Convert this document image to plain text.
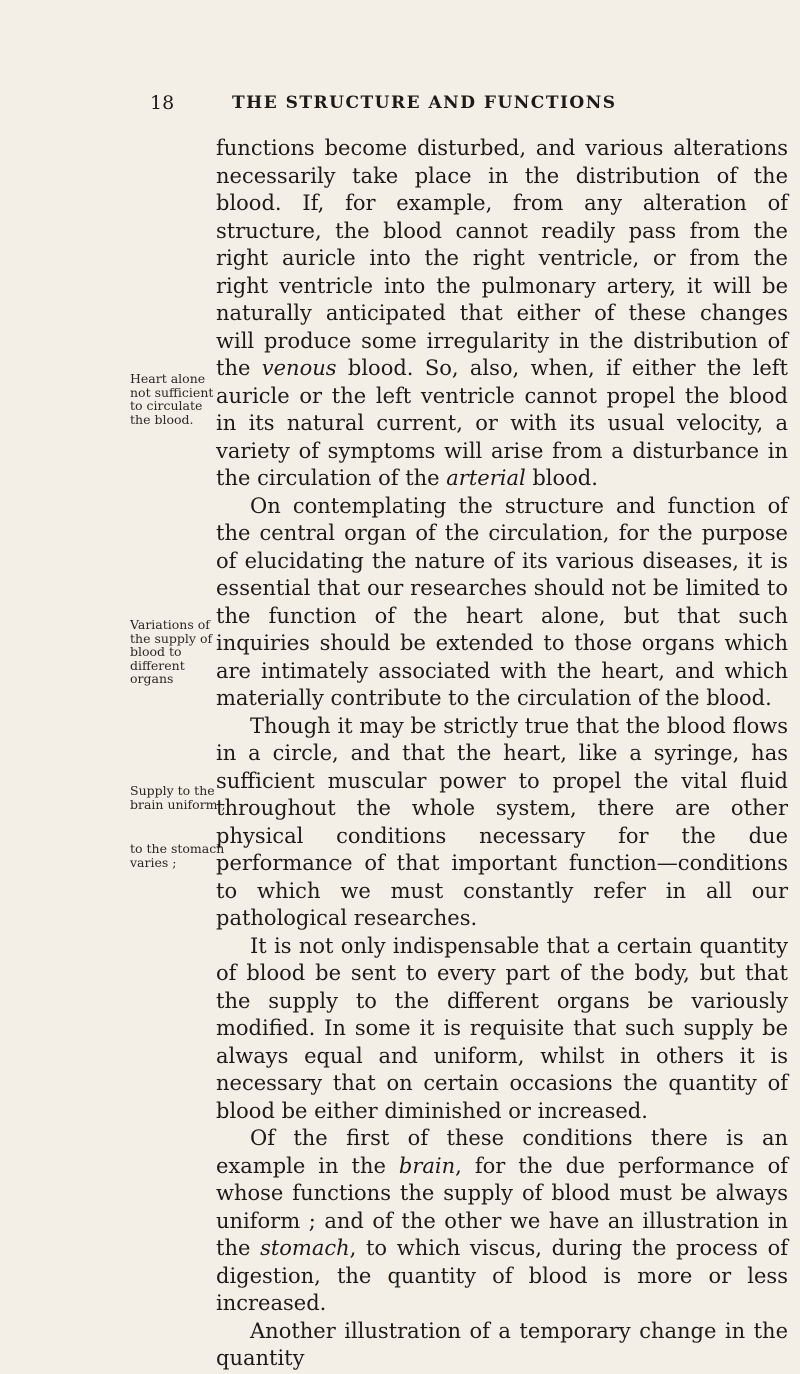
18	THE STRUCTURE AND FUNCTIONS
Heart alone not sufficient to circulate the blood.
Variations of the supply of blood to different organs
Supply to the brain uniform ;
to the stomach varies ;

functions become disturbed, and various alterations necessarily take place in the distribution of the blood. If, for example, from any alteration of structure, the blood cannot readily pass from the right auricle into the right ventricle, or from the right ventricle into the pulmonary artery, it will be naturally anticipated that either of these changes will produce some irregularity in the distribution of the venous blood. So, also, when, if either the left auricle or the left ventricle cannot propel the blood in its natural current, or with its usual velocity, a variety of symptoms will arise from a disturbance in the circulation of the arterial blood.

On contemplating the structure and function of the central organ of the circulation, for the purpose of elucidating the nature of its various diseases, it is essential that our researches should not be limited to the function of the heart alone, but that such inquiries should be extended to those organs which are intimately associated with the heart, and which materially contribute to the circulation of the blood.

Though it may be strictly true that the blood flows in a circle, and that the heart, like a syringe, has sufficient muscular power to propel the vital fluid throughout the whole system, there are other physical conditions necessary for the due performance of that important function—conditions to which we must constantly refer in all our pathological researches.

It is not only indispensable that a certain quantity of blood be sent to every part of the body, but that the supply to the different organs be variously modified. In some it is requisite that such supply be always equal and uniform, whilst in others it is necessary that on certain occasions the quantity of blood be either diminished or increased.

Of the first of these conditions there is an example in the brain, for the due performance of whose functions the supply of blood must be always uniform ; and of the other we have an illustration in the stomach, to which viscus, during the process of digestion, the quantity of blood is more or less increased.

Another illustration of a temporary change in the quantity
